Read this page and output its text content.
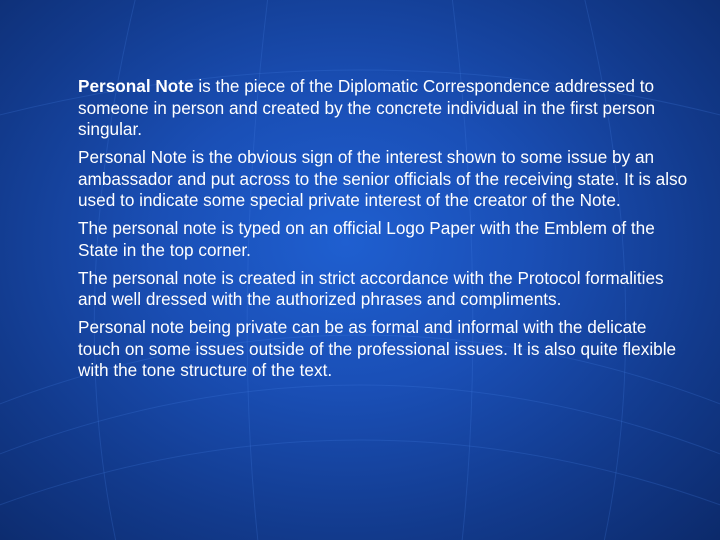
Personal Note is the piece of the Diplomatic Correspondence addressed to someone in person and created by the concrete individual in the first person singular.

Personal Note is the obvious sign of the interest shown to some issue by an ambassador and put across to the senior officials of the receiving state. It is also used to indicate some special private interest of the creator of the Note.

The personal note is typed on an official Logo Paper with the Emblem of the State in the top corner.

The personal note is created in strict accordance with the Protocol formalities and well dressed with the authorized phrases and compliments.

Personal note being private can be as formal and informal with the delicate touch on some issues outside of the professional issues. It is also quite flexible with the tone structure of the text.
